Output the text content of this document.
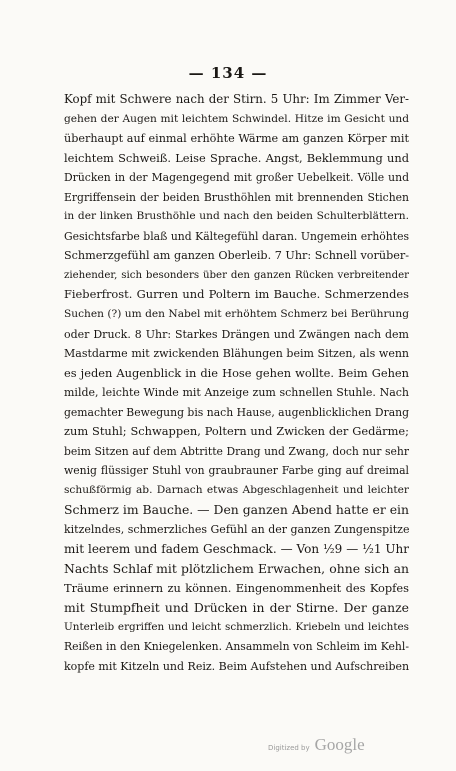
— 134 —
Kopf mit Schwere nach der Stirn. 5 Uhr: Im Zimmer Ver-
gehen der Augen mit leichtem Schwindel. Hitze im Gesicht und
überhaupt auf einmal erhöhte Wärme am ganzen Körper mit
leichtem Schweiß. Leise Sprache. Angst, Beklemmung und
Drücken in der Magengegend mit großer Uebelkeit. Völle und
Ergriffensein der beiden Brusthöhlen mit brennenden Stichen
in der linken Brusthöhle und nach den beiden Schulterblättern.
Gesichtsfarbe blaß und Kältegefühl daran. Ungemein erhöhtes
Schmerzgefühl am ganzen Oberleib. 7 Uhr: Schnell vorüber-
ziehender, sich besonders über den ganzen Rücken verbreitender
Fieberfrost. Gurren und Poltern im Bauche. Schmerzendes
Suchen (?) um den Nabel mit erhöhtem Schmerz bei Berührung
oder Druck. 8 Uhr: Starkes Drängen und Zwängen nach dem
Mastdarme mit zwickenden Blähungen beim Sitzen, als wenn
es jeden Augenblick in die Hose gehen wollte. Beim Gehen
milde, leichte Winde mit Anzeige zum schnellen Stuhle. Nach
gemachter Bewegung bis nach Hause, augenblicklichen Drang
zum Stuhl; Schwappen, Poltern und Zwicken der Gedärme;
beim Sitzen auf dem Abtritte Drang und Zwang, doch nur sehr
wenig flüssiger Stuhl von graubrauner Farbe ging auf dreimal
schußförmig ab. Darnach etwas Abgeschlagenheit und leichter
Schmerz im Bauche. — Den ganzen Abend hatte er ein
kitzelndes, schmerzliches Gefühl an der ganzen Zungenspitze
mit leerem und fadem Geschmack. — Von ½9 — ½1 Uhr
Nachts Schlaf mit plötzlichem Erwachen, ohne sich an
Träume erinnern zu können. Eingenommenheit des Kopfes
mit Stumpfheit und Drücken in der Stirne. Der ganze
Unterleib ergriffen und leicht schmerzlich. Kriebeln und leichtes
Reißen in den Kniegelenken. Ansammeln von Schleim im Kehl-
kopfe mit Kitzeln und Reiz. Beim Aufstehen und Aufschreiben
Digitized by Google
